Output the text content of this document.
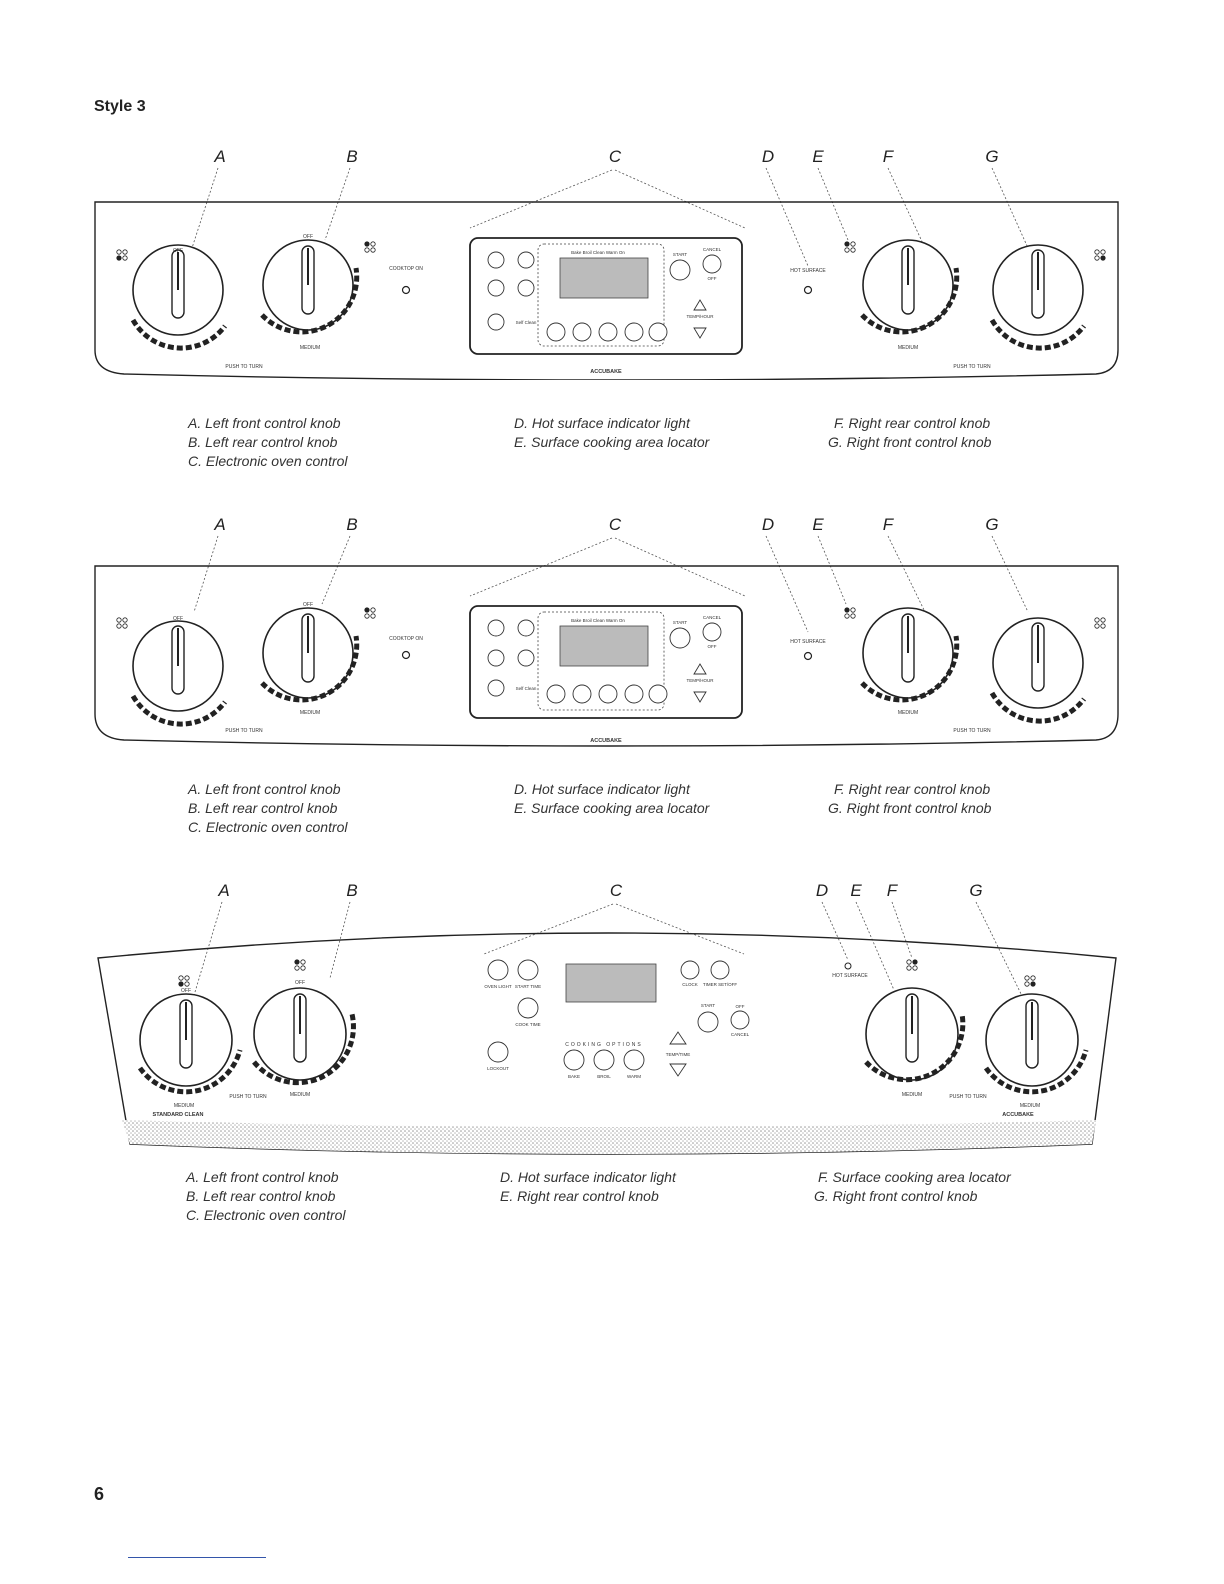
Style 3
A	B	C	D E	F	G
OFF
OFF
PUSH TO TURN
MEDIUM
COOKTOP ON	HOT SURFACE
MEDIUM
PUSH TO TURN
Bake Broil Clean Warm On	START
CANCEL
OFF
TEMP/HOUR
Self Clean
ACCUBAKE
A. Left front control knob
B. Left rear control knob
C. Electronic oven control
D. Hot surface indicator light
E. Surface cooking area locator
F. Right rear control knob
G. Right front control knob
A	B	C	D E	F	G
OFF
OFF
PUSH TO TURN
MEDIUM
COOKTOP ON	HOT SURFACE
MEDIUM
PUSH TO TURN
Bake Broil Clean Warm On	START
CANCEL
OFF
TEMP/HOUR
Self Clean
ACCUBAKE
A. Left front control knob
B. Left rear control knob
C. Electronic oven control
D. Hot surface indicator light
E. Surface cooking area locator
F. Right rear control knob
G. Right front control knob
A	B	C	D E F	G
HOT SURFACE
MEDIUM
MEDIUM
PUSH TO TURN	MEDIUM	PUSH TO TURN
MEDIUM
OFF
OFF
STANDARD CLEAN	ACCUBAKE
OVEN LIGHT START TIME
COOK TIME
LOCKOUT
CLOCK TIMER SET/OFF
START	OFF
CANCEL
TEMP/TIME
COOKING OPTIONS
BAKE	BROIL	WARM
A. Left front control knob
B. Left rear control knob
C. Electronic oven control
D. Hot surface indicator light
E. Right rear control knob
F. Surface cooking area locator
G. Right front control knob
6
